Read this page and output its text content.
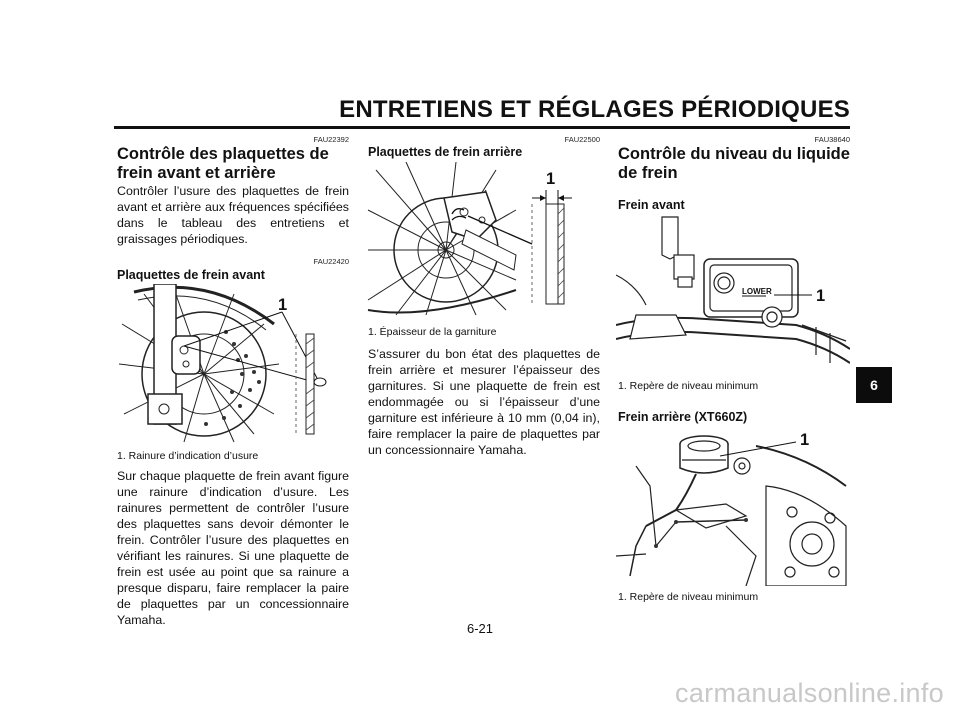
ENTRETIENS ET RÉGLAGES PÉRIODIQUES
6
FAU22392
Contrôle des plaquettes de frein avant et arrière

Contrôler l’usure des plaquettes de frein avant et arrière aux fréquences spécifiées dans le tableau des entretiens et graissages périodiques.

FAU22420
Plaquettes de frein avant
1
1. Rainure d’indication d’usure

Sur chaque plaquette de frein avant figure une rainure d’indication d’usure. Les rainures permettent de contrôler l’usure des plaquettes sans devoir démonter le frein. Contrôler l’usure des plaquettes en vérifiant les rainures. Si une plaquette de frein est usée au point que sa rainure a presque disparu, faire remplacer la paire de plaquettes par un concessionnaire Yamaha.

FAU22500
Plaquettes de frein arrière
1
1. Épaisseur de la garniture

S’assurer du bon état des plaquettes de frein arrière et mesurer l’épaisseur des garnitures. Si une plaquette de frein est endommagée ou si l’épaisseur d’une garniture est inférieure à 10 mm (0,04 in), faire remplacer la paire de plaquettes par un concessionnaire Yamaha.

FAU38640
Contrôle du niveau du liquide de frein
Frein avant
LOWER	1
1. Repère de niveau minimum
Frein arrière (XT660Z)
1
1. Repère de niveau minimum
6-21
carmanualsonline.info
